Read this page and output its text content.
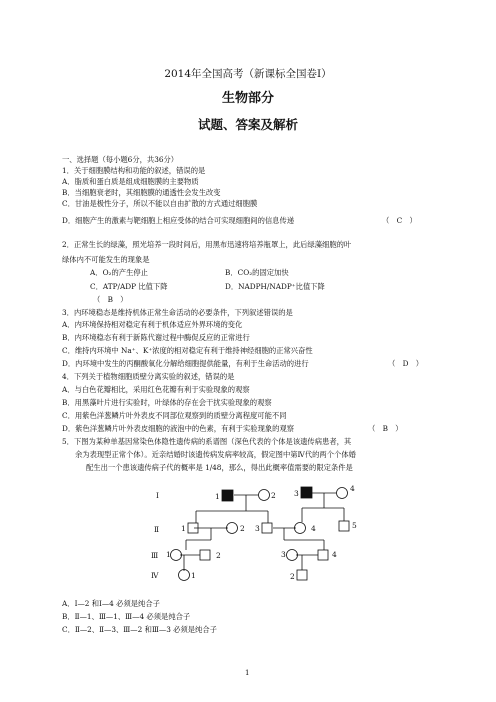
2014年全国高考（新课标全国卷Ⅰ）
生物部分
试题、答案及解析
一、选择题（每小题6分，共36分）
1．关于细胞膜结构和功能的叙述，错误的是
A．脂质和蛋白质是组成细胞膜的主要物质
B．当细胞衰老时，其细胞膜的通透性会发生改变
C．甘油是极性分子，所以不能以自由扩散的方式通过细胞膜
D．细胞产生的激素与靶细胞上相应受体的结合可实现细胞间的信息传递	（　C　）
2．正常生长的绿藻，照光培养一段时间后，用黑布迅速将培养瓶罩上，此后绿藻细胞的叶
绿体内不可能发生的现象是
A．O₂的产生停止	B．CO₂的固定加快
C．ATP/ADP 比值下降	D．NADPH/NADP⁺比值下降
（　B　）
3．内环境稳态是维持机体正常生命活动的必要条件，下列叙述错误的是
A．内环境保持相对稳定有利于机体适应外界环境的变化
B．内环境稳态有利于新陈代谢过程中酶促反应的正常进行
C．维持内环境中 Na⁺、K⁺浓度的相对稳定有利于维持神经细胞的正常兴奋性
D．内环境中发生的丙酮酸氧化分解给细胞提供能量，有利于生命活动的进行	（　D　）
4．下列关于植物细胞质壁分离实验的叙述，错误的是
A．与白色花瓣相比，采用红色花瓣有利于实验现象的观察
B．用黑藻叶片进行实验时，叶绿体的存在会干扰实验现象的观察
C．用紫色洋葱鳞片叶外表皮不同部位观察到的质壁分离程度可能不同
D．紫色洋葱鳞片叶外表皮细胞的液泡中的色素，有利于实验现象的观察	（　B　）
5．下图为某种单基因常染色体隐性遗传病的系谱图（深色代表的个体是该遗传病患者，其
余为表现型正常个体）。近亲结婚时该遗传病发病率较高，假定图中第Ⅳ代的两个个体婚
配生出一个患该遗传病子代的概率是 1/48，那么，得出此概率值需要的限定条件是
Ⅰ
Ⅱ
Ⅲ
Ⅳ
1	2 3
4
1	2 3	4	5
1	2	3	4
1	2
A．Ⅰ—2 和Ⅰ—4 必须是纯合子
B．Ⅱ—1、Ⅲ—1、Ⅲ—4 必须是纯合子
C．Ⅱ—2、Ⅱ—3、Ⅲ—2 和Ⅲ—3 必须是纯合子
1
